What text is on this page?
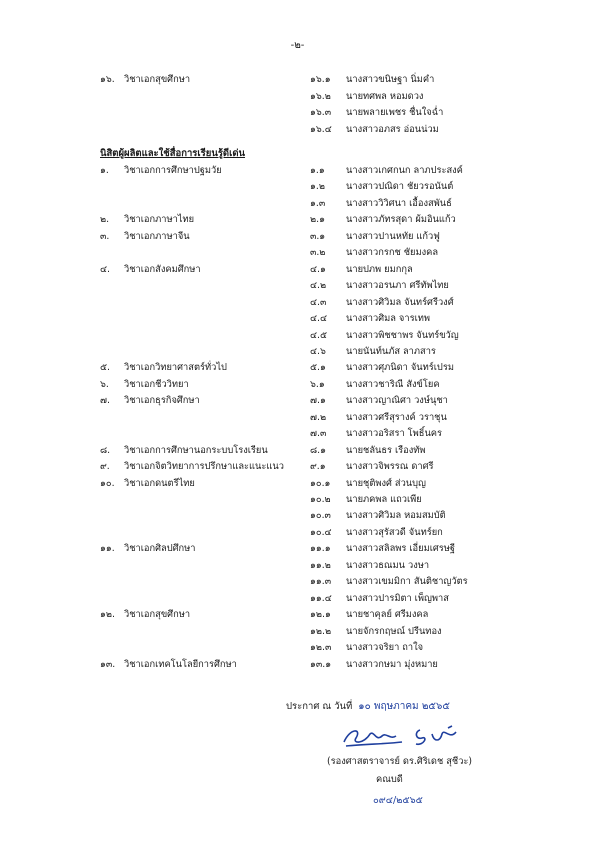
-๒-
๑๖. วิชาเอกสุขศึกษา	๑๖.๑ นางสาวขนิษฐา นิ่มคำ
๑๖.๒ นายทศพล หอมดวง
๑๖.๓ นายพลายเพชร ชื่นใจฉ่ำ
๑๖.๔ นางสาวอภสร อ่อนน่วม
นิสิตผู้ผลิตและใช้สื่อการเรียนรู้ดีเด่น
๑. วิชาเอกการศึกษาปฐมวัย	๑.๑ นางสาวเกศกนก ลาภประสงค์
๑.๒ นางสาวปณิดา ชัยวรอนันต์
๑.๓ นางสาววิวิศนา เอื้องสพันธ์
๒. วิชาเอกภาษาไทย	๒.๑ นางสาวภัทรสุดา ผ้มอินแก้ว
๓. วิชาเอกภาษาจีน	๓.๑ นางสาวปานหทัย แก้วฟู
๓.๒ นางสาวกรกช ชัยมงคล
๔. วิชาเอกสังคมศึกษา	๔.๑ นายปภพ ยมกกุล
๔.๒ นางสาวอรนภา ศรีทัพไทย
๔.๓ นางสาวศิวิมล จันทร์ศรีวงศ์
๔.๔ นางสาวศิมล จารเทพ
๔.๕ นางสาวพิชชาพร จันทร์ขวัญ
๔.๖ นายนันท์นภัส ลาภสาร
๕. วิชาเอกวิทยาศาสตร์ทั่วไป	๕.๑ นางสาวศุภนิดา จันทร์เปรม
๖. วิชาเอกชีววิทยา	๖.๑ นางสาวชาริณี สังข์โยค
๗. วิชาเอกธุรกิจศึกษา	๗.๑ นางสาวญาณิศา วงษ์นุชา
๗.๒ นางสาวศรีสุรางค์ วราชุน
๗.๓ นางสาวอริสรา โพธิ์นคร
๘. วิชาเอกการศึกษานอกระบบโรงเรียน	๘.๑ นายชลันธร เรืองทัพ
๙. วิชาเอกจิตวิทยาการปรึกษาและแนะแนว	๙.๑ นางสาวจิพรรณ ดาศรี
๑๐. วิชาเอกดนตรีไทย	๑๐.๑ นายชุติพงศ์ ส่วนบุญ
๑๐.๒ นายภคพล แถวเพีย
๑๐.๓ นางสาวศิวิมล หอมสมบัติ
๑๐.๔ นางสาวสุรัสวดี จันทร์ยก
๑๑. วิชาเอกศิลปศึกษา	๑๑.๑ นางสาวสลิลพร เอี่ยมเศรษฐี
๑๑.๒ นางสาวธณมน วงษา
๑๑.๓ นางสาวเขมมิกา สันติชาญวัตร
๑๑.๔ นางสาวปารมิตา เพ็ญพาส
๑๒. วิชาเอกสุขศึกษา	๑๒.๑ นายชาคุลย์ ศรีมงคล
๑๒.๒ นายจักรกฤษณ์ ปรีนทอง
๑๒.๓ นางสาวจริยา ถาใจ
๑๓. วิชาเอกเทคโนโลยีการศึกษา	๑๓.๑ นางสาวกษมา มุ่งหมาย
ประกาศ ณ วันที่ ๑๐ พฤษภาคม ๒๕๖๕
(รองศาสตราจารย์ ดร.ศิริเดช สุชีวะ)
คณบดี
๐๙๔/๒๕๖๕
